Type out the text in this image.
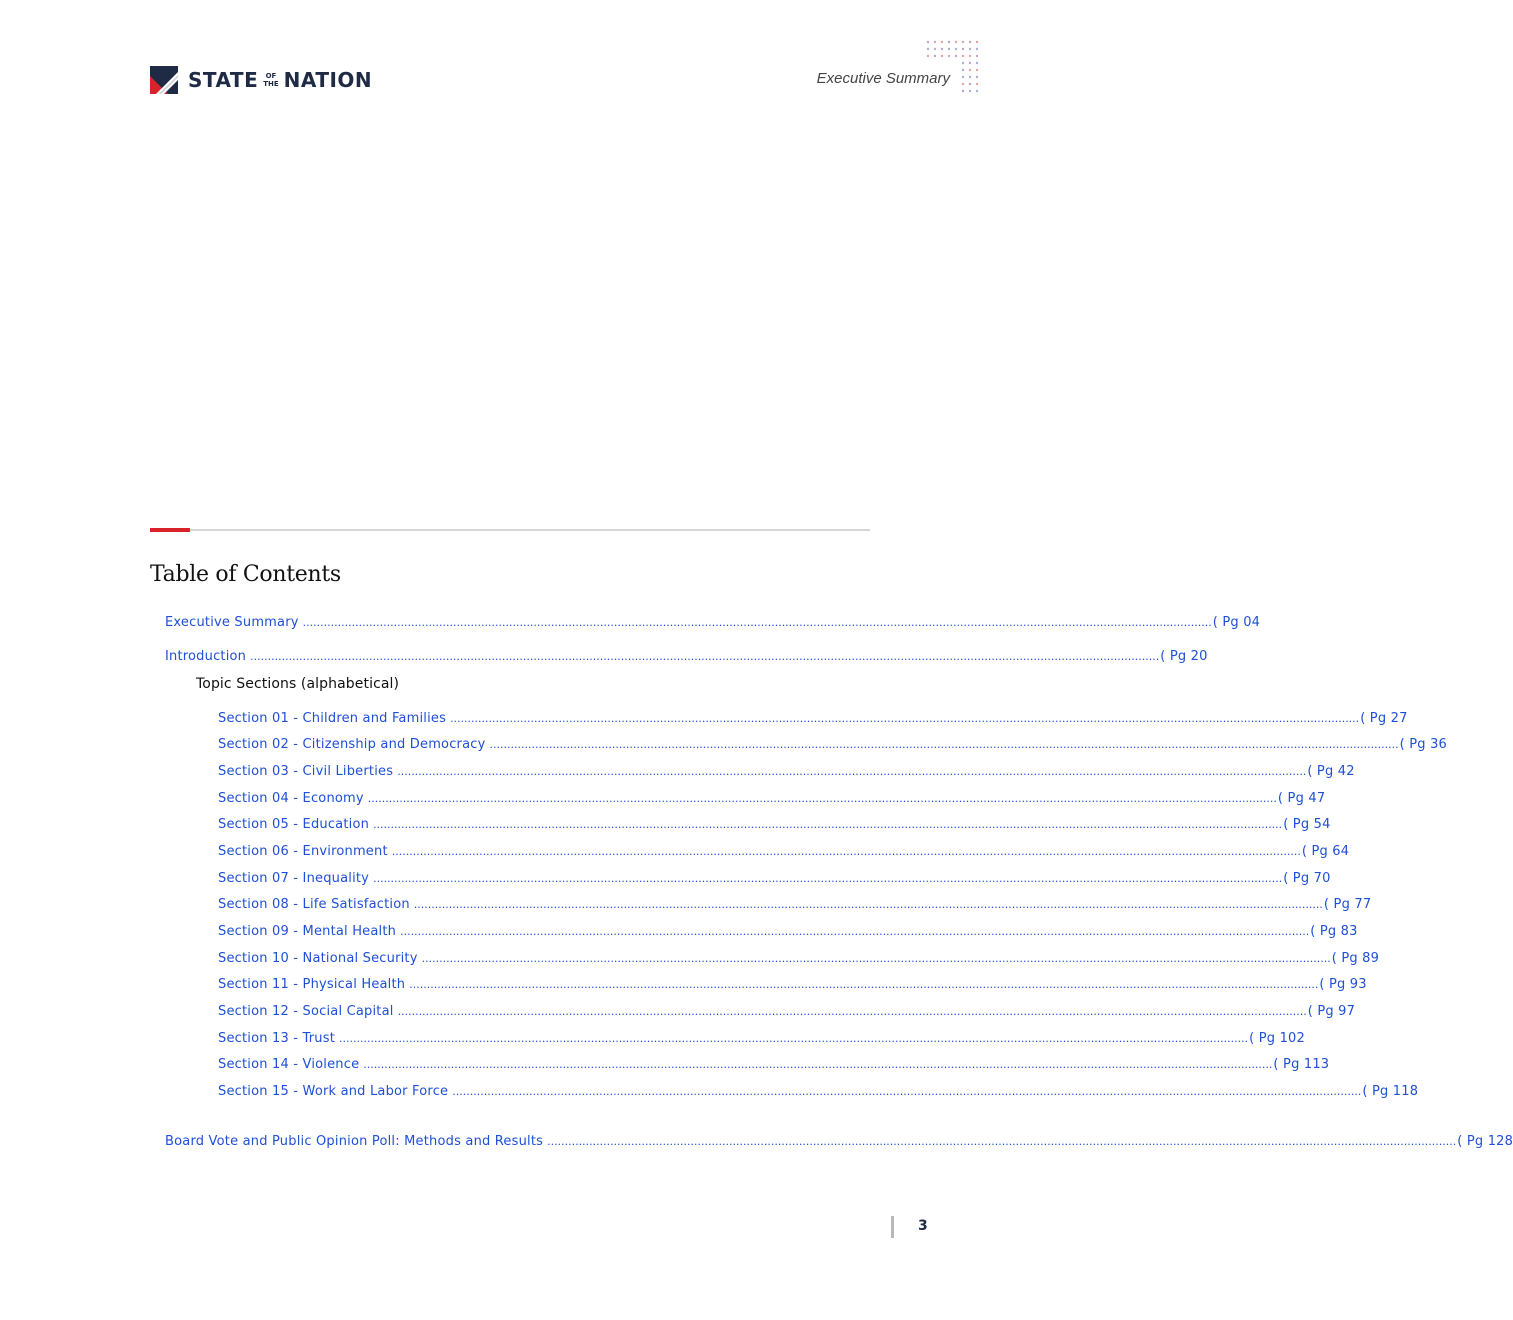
STATE OF
THE NATION	Executive Summary
Table of Contents
Executive Summary .................................................................................................................................................................................................................................................................... ( Pg 04
Introduction .................................................................................................................................................................................................................................................................... ( Pg 20
Topic Sections (alphabetical)
Section 01 - Children and Families .................................................................................................................................................................................................................................................................... ( Pg 27
Section 02 - Citizenship and Democracy .................................................................................................................................................................................................................................................................... ( Pg 36
Section 03 - Civil Liberties .................................................................................................................................................................................................................................................................... ( Pg 42
Section 04 - Economy .................................................................................................................................................................................................................................................................... ( Pg 47
Section 05 - Education .................................................................................................................................................................................................................................................................... ( Pg 54
Section 06 - Environment .................................................................................................................................................................................................................................................................... ( Pg 64
Section 07 - Inequality .................................................................................................................................................................................................................................................................... ( Pg 70
Section 08 - Life Satisfaction .................................................................................................................................................................................................................................................................... ( Pg 77
Section 09 - Mental Health .................................................................................................................................................................................................................................................................... ( Pg 83
Section 10 - National Security .................................................................................................................................................................................................................................................................... ( Pg 89
Section 11 - Physical Health .................................................................................................................................................................................................................................................................... ( Pg 93
Section 12 - Social Capital .................................................................................................................................................................................................................................................................... ( Pg 97
Section 13 - Trust .................................................................................................................................................................................................................................................................... ( Pg 102
Section 14 - Violence .................................................................................................................................................................................................................................................................... ( Pg 113
Section 15 - Work and Labor Force .................................................................................................................................................................................................................................................................... ( Pg 118
Board Vote and Public Opinion Poll: Methods and Results .................................................................................................................................................................................................................................................................... ( Pg 128
3
